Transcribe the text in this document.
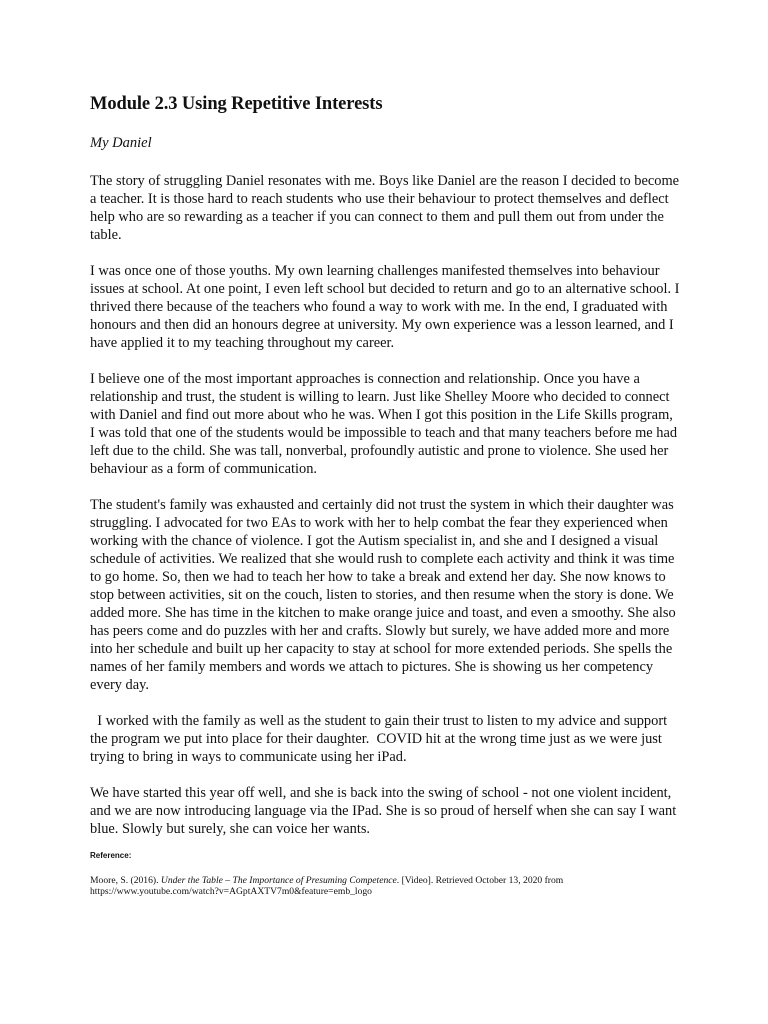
Module 2.3 Using Repetitive Interests
My Daniel

The story of struggling Daniel resonates with me. Boys like Daniel are the reason I decided to become a teacher. It is those hard to reach students who use their behaviour to protect themselves and deflect help who are so rewarding as a teacher if you can connect to them and pull them out from under the table.

I was once one of those youths. My own learning challenges manifested themselves into behaviour issues at school. At one point, I even left school but decided to return and go to an alternative school. I thrived there because of the teachers who found a way to work with me. In the end, I graduated with honours and then did an honours degree at university. My own experience was a lesson learned, and I have applied it to my teaching throughout my career.

I believe one of the most important approaches is connection and relationship. Once you have a relationship and trust, the student is willing to learn. Just like Shelley Moore who decided to connect with Daniel and find out more about who he was. When I got this position in the Life Skills program, I was told that one of the students would be impossible to teach and that many teachers before me had left due to the child. She was tall, nonverbal, profoundly autistic and prone to violence. She used her behaviour as a form of communication.

The student's family was exhausted and certainly did not trust the system in which their daughter was struggling. I advocated for two EAs to work with her to help combat the fear they experienced when working with the chance of violence. I got the Autism specialist in, and she and I designed a visual schedule of activities. We realized that she would rush to complete each activity and think it was time to go home. So, then we had to teach her how to take a break and extend her day. She now knows to stop between activities, sit on the couch, listen to stories, and then resume when the story is done. We added more. She has time in the kitchen to make orange juice and toast, and even a smoothy. She also has peers come and do puzzles with her and crafts. Slowly but surely, we have added more and more into her schedule and built up her capacity to stay at school for more extended periods. She spells the names of her family members and words we attach to pictures. She is showing us her competency every day.

I worked with the family as well as the student to gain their trust to listen to my advice and support the program we put into place for their daughter.  COVID hit at the wrong time just as we were just trying to bring in ways to communicate using her iPad.

We have started this year off well, and she is back into the swing of school - not one violent incident, and we are now introducing language via the IPad. She is so proud of herself when she can say I want blue. Slowly but surely, she can voice her wants.

Reference:
Moore, S. (2016). Under the Table – The Importance of Presuming Competence. [Video]. Retrieved October 13, 2020 from
https://www.youtube.com/watch?v=AGptAXTV7m0&feature=emb_logo
